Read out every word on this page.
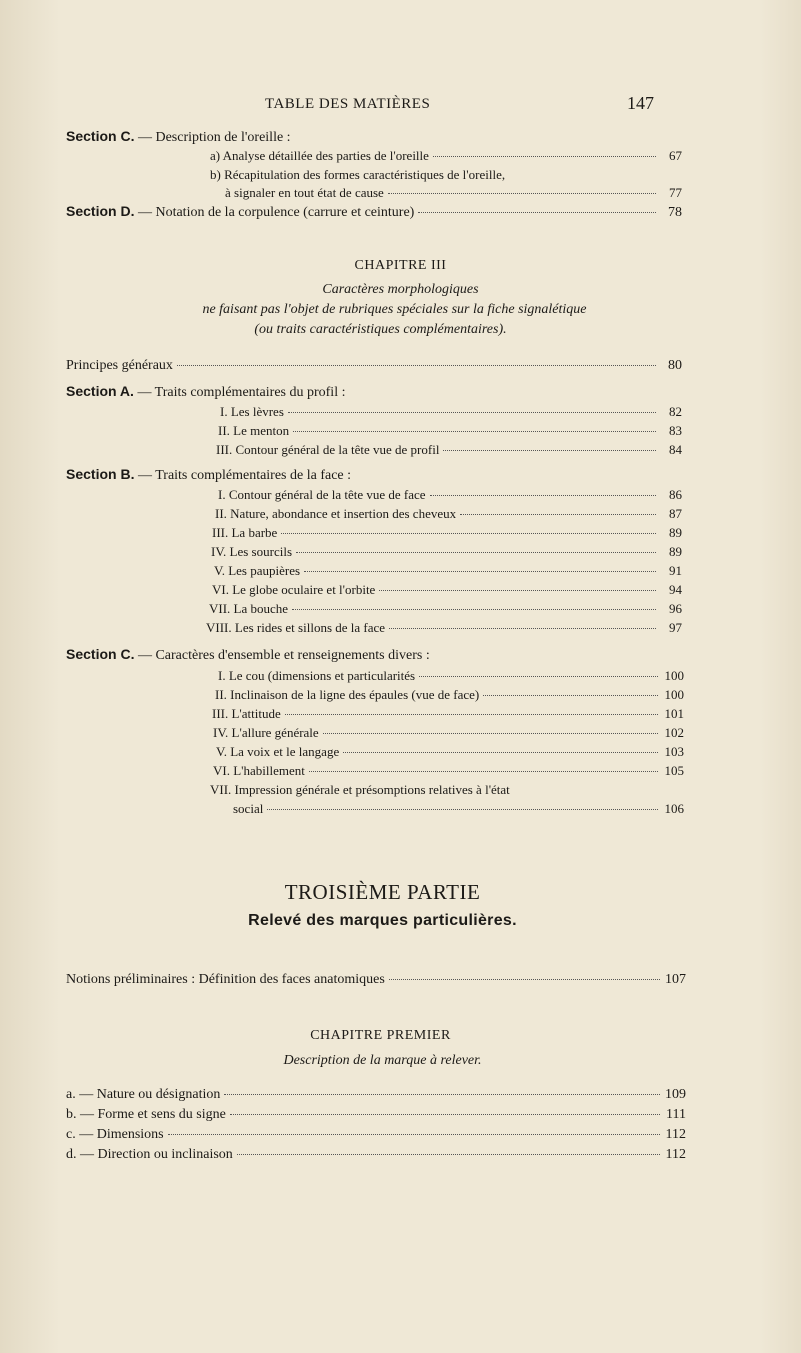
TABLE DES MATIÈRES	147
Section C. — Description de l'oreille :
a) Analyse détaillée des parties de l'oreille	67
b) Récapitulation des formes caractéristiques de l'oreille,
à signaler en tout état de cause	77
Section D. — Notation de la corpulence (carrure et ceinture)	78
CHAPITRE III
Caractères morphologiques
ne faisant pas l'objet de rubriques spéciales sur la fiche signalétique
(ou traits caractéristiques complémentaires).
Principes généraux	80
Section A. — Traits complémentaires du profil :
I. Les lèvres	82
II. Le menton	83
III. Contour général de la tête vue de profil	84
Section B. — Traits complémentaires de la face :
I. Contour général de la tête vue de face	86
II. Nature, abondance et insertion des cheveux	87
III. La barbe	89
IV. Les sourcils	89
V. Les paupières	91
VI. Le globe oculaire et l'orbite	94
VII. La bouche	96
VIII. Les rides et sillons de la face	97
Section C. — Caractères d'ensemble et renseignements divers :
I. Le cou (dimensions et particularités	100
II. Inclinaison de la ligne des épaules (vue de face)	100
III. L'attitude	101
IV. L'allure générale	102
V. La voix et le langage	103
VI. L'habillement	105
VII. Impression générale et présomptions relatives à l'état
social	106
TROISIÈME PARTIE
Relevé des marques particulières.
Notions préliminaires : Définition des faces anatomiques	107
CHAPITRE PREMIER
Description de la marque à relever.
a. — Nature ou désignation	109
b. — Forme et sens du signe	111
c. — Dimensions	112
d. — Direction ou inclinaison	112
